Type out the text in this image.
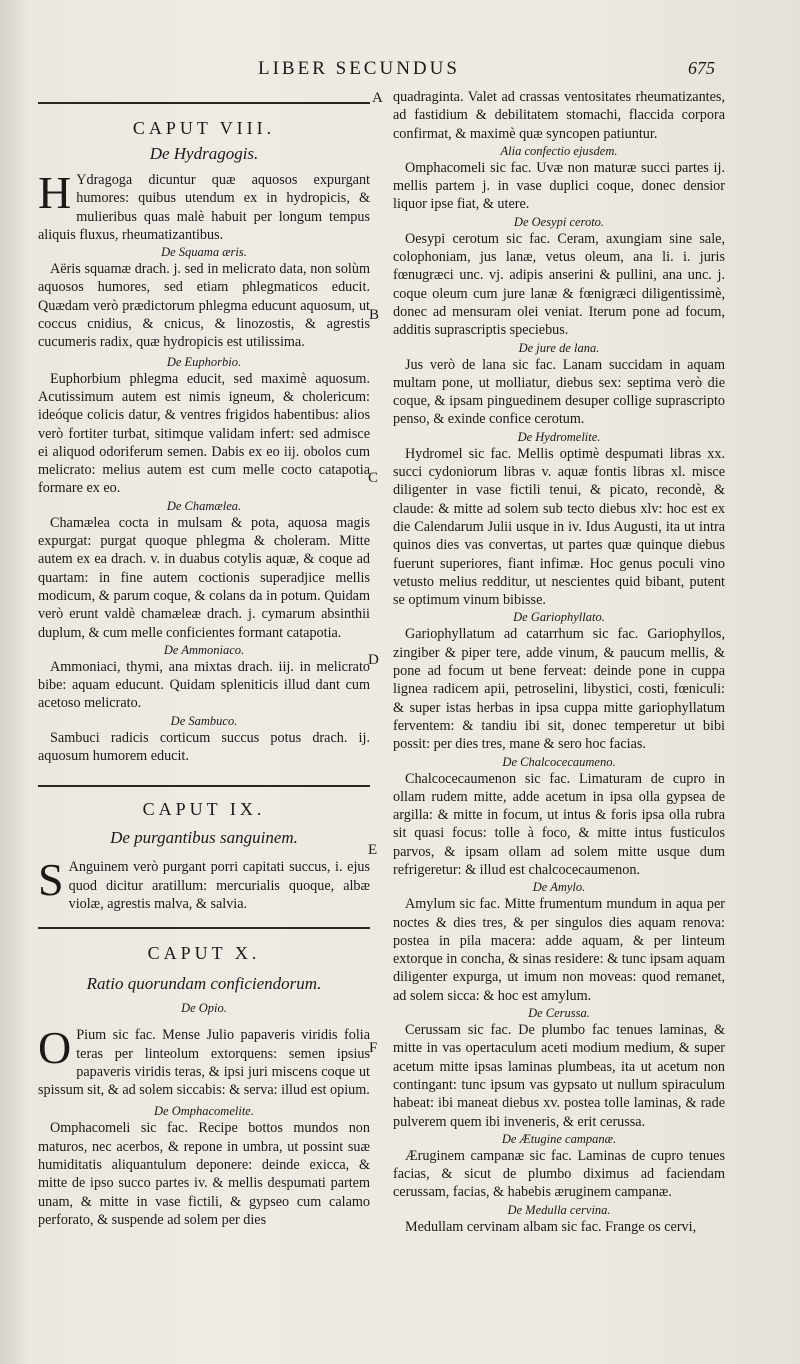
LIBER SECUNDUS	675
A
B
C
D
E
F
CAPUT VIII.
De Hydragogis.

H Ydragoga dicuntur quæ aquosos expurgant humores: quibus utendum ex in hydropicis, & mulieribus quas malè habuit per longum tempus aliquis fluxus, rheumatizantibus.

De Squama æris.

Aëris squamæ drach. j. sed in melicrato data, non solùm aquosos humores, sed etiam phlegmaticos educit. Quædam verò prædictorum phlegma educunt aquosum, ut coccus cnidius, & cnicus, & linozostis, & agrestis cucumeris radix, quæ hydropicis est utilissima.

De Euphorbio.

Euphorbium phlegma educit, sed maximè aquosum. Acutissimum autem est nimis igneum, & cholericum: ideóque colicis datur, & ventres frigidos habentibus: alios verò fortiter turbat, sitimque validam infert: sed admisce ei aliquod odoriferum semen. Dabis ex eo iij. obolos cum melicrato: melius autem est cum melle cocto catapotia formare ex eo.

De Chamælea.

Chamælea cocta in mulsam & pota, aquosa magis expurgat: purgat quoque phlegma & choleram. Mitte autem ex ea drach. v. in duabus cotylis aquæ, & coque ad quartam: in fine autem coctionis superadjice mellis modicum, & parum coque, & colans da in potum. Quidam verò erunt valdè chamæleæ drach. j. cymarum absinthii duplum, & cum melle conficientes formant catapotia.

De Ammoniaco.

Ammoniaci, thymi, ana mixtas drach. iij. in melicrato bibe: aquam educunt. Quidam spleniticis illud dant cum acetoso melicrato.

De Sambuco.

Sambuci radicis corticum succus potus drach. ij. aquosum humorem educit.

CAPUT IX.
De purgantibus sanguinem.

S Anguinem verò purgant porri capitati succus, i. ejus quod dicitur aratillum: mercurialis quoque, albæ violæ, agrestis malva, & salvia.

CAPUT X.
Ratio quorundam conficiendorum.
De Opio.

O Pium sic fac. Mense Julio papaveris viridis folia teras per linteolum extorquens: semen ipsius papaveris viridis teras, & ipsi juri miscens coque ut spissum sit, & ad solem siccabis: & serva: illud est opium.

De Omphacomelite.

Omphacomeli sic fac. Recipe bottos mundos non maturos, nec acerbos, & repone in umbra, ut possint suæ humiditatis aliquantulum deponere: deinde exicca, & mitte de ipso succo partes iv. & mellis despumati partem unam, & mitte in vase fictili, & gypseo cum calamo perforato, & suspende ad solem per dies

quadraginta. Valet ad crassas ventositates rheumatizantes, ad fastidium & debilitatem stomachi, flaccida corpora confirmat, & maximè quæ syncopen patiuntur.

Alia confectio ejusdem.

Omphacomeli sic fac. Uvæ non maturæ succi partes ij. mellis partem j. in vase duplici coque, donec densior liquor ipse fiat, & utere.

De Oesypi ceroto.

Oesypi cerotum sic fac. Ceram, axungiam sine sale, colophoniam, jus lanæ, vetus oleum, ana li. i. juris fœnugræci unc. vj. adipis anserini & pullini, ana unc. j. coque oleum cum jure lanæ & fœnigræci diligentissimè, donec ad mensuram olei veniat. Iterum pone ad focum, additis suprascriptis speciebus.

De jure de lana.

Jus verò de lana sic fac. Lanam succidam in aquam multam pone, ut molliatur, diebus sex: septima verò die coque, & ipsam pinguedinem desuper collige suprascripto penso, & exinde confice cerotum.

De Hydromelite.

Hydromel sic fac. Mellis optimè despumati libras xx. succi cydoniorum libras v. aquæ fontis libras xl. misce diligenter in vase fictili tenui, & picato, recondè, & claude: & mitte ad solem sub tecto diebus xlv: hoc est ex die Calendarum Julii usque in iv. Idus Augusti, ita ut intra quinos dies vas convertas, ut partes quæ quinque diebus fuerunt superiores, fiant infimæ. Hoc genus poculi vino vetusto melius redditur, ut nescientes quid bibant, putent se optimum vinum bibisse.

De Gariophyllato.

Gariophyllatum ad catarrhum sic fac. Gariophyllos, zingiber & piper tere, adde vinum, & paucum mellis, & pone ad focum ut bene ferveat: deinde pone in cuppa lignea radicem apii, petroselini, libystici, costi, fœniculi: & super istas herbas in ipsa cuppa mitte gariophyllatum ferventem: & tandiu ibi sit, donec temperetur ut bibi possit: per dies tres, mane & sero hoc facias.

De Chalcocecaumeno.

Chalcocecaumenon sic fac. Limaturam de cupro in ollam rudem mitte, adde acetum in ipsa olla gypsea de argilla: & mitte in focum, ut intus & foris ipsa olla rubra sit quasi focus: tolle à foco, & mitte intus fusticulos parvos, & ipsam ollam ad solem mitte usque dum refrigeretur: & illud est chalcocecaumenon.

De Amylo.

Amylum sic fac. Mitte frumentum mundum in aqua per noctes & dies tres, & per singulos dies aquam renova: postea in pila macera: adde aquam, & per linteum extorque in concha, & sinas residere: & tunc ipsam aquam diligenter expurga, ut imum non moveas: quod remanet, ad solem sicca: & hoc est amylum.

De Cerussa.

Cerussam sic fac. De plumbo fac tenues laminas, & mitte in vas opertaculum aceti modium medium, & super acetum mitte ipsas laminas plumbeas, ita ut acetum non contingant: tunc ipsum vas gypsato ut nullum spiraculum habeat: ibi maneat diebus xv. postea tolle laminas, & rade pulverem quem ibi inveneris, & erit cerussa.

De Ætugine campanæ.

Æruginem campanæ sic fac. Laminas de cupro tenues facias, & sicut de plumbo diximus ad faciendam cerussam, facias, & habebis æruginem campanæ.

De Medulla cervina.

Medullam cervinam albam sic fac. Frange os cervi,
